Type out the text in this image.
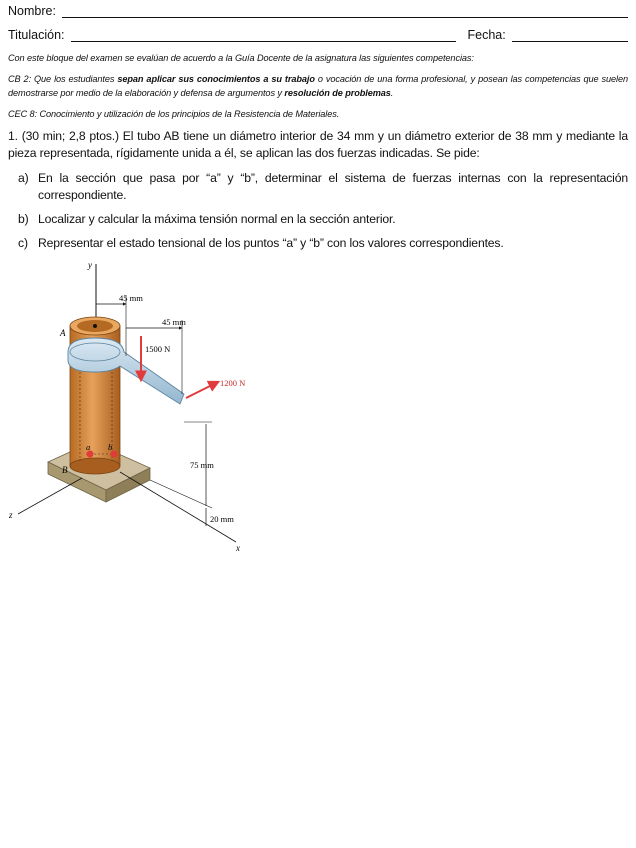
Nombre:
Titulación:	Fecha:
Con este bloque del examen se evalúan de acuerdo a la Guía Docente de la asignatura las siguientes competencias:
CB 2: Que los estudiantes sepan aplicar sus conocimientos a su trabajo o vocación de una forma profesional, y posean las competencias que suelen demostrarse por medio de la elaboración y defensa de argumentos y resolución de problemas.
CEC 8: Conocimiento y utilización de los principios de la Resistencia de Materiales.
1. (30 min; 2,8 ptos.) El tubo AB tiene un diámetro interior de 34 mm y un diámetro exterior de 38 mm y mediante la pieza representada, rígidamente unida a él, se aplican las dos fuerzas indicadas. Se pide:
a) En la sección que pasa por “a” y “b”, determinar el sistema de fuerzas internas con la representación correspondiente.
b) Localizar y calcular la máxima tensión normal en la sección anterior.
c) Representar el estado tensional de los puntos “a” y “b” con los valores correspondientes.
y
z
x
a b
A
B
45 mm
45 mm
1500 N
1200 N
75 mm
20 mm
